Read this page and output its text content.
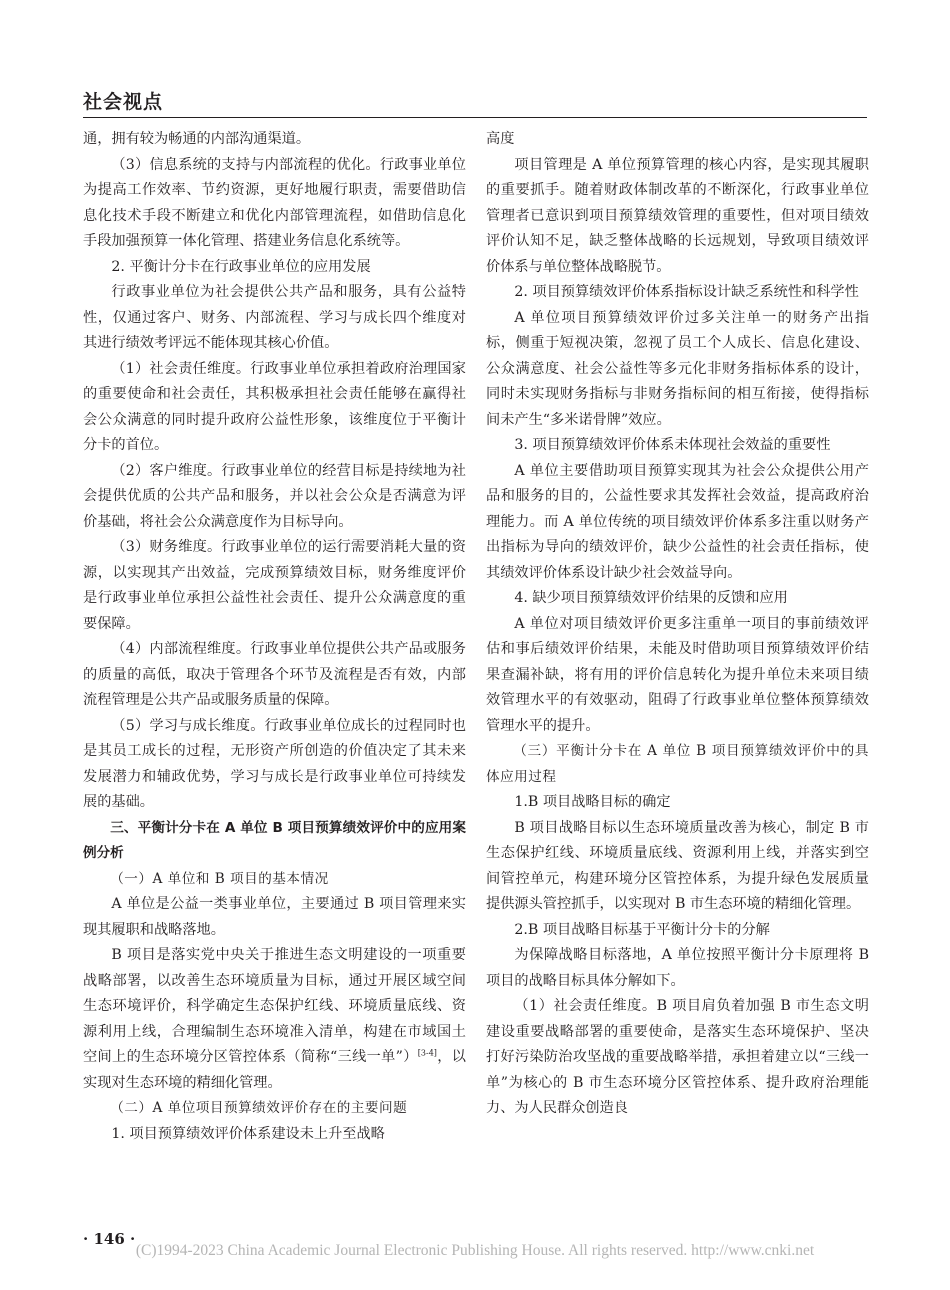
社会视点

通，拥有较为畅通的内部沟通渠道。

（3）信息系统的支持与内部流程的优化。行政事业单位为提高工作效率、节约资源，更好地履行职责，需要借助信息化技术手段不断建立和优化内部管理流程，如借助信息化手段加强预算一体化管理、搭建业务信息化系统等。

2. 平衡计分卡在行政事业单位的应用发展

行政事业单位为社会提供公共产品和服务，具有公益特性，仅通过客户、财务、内部流程、学习与成长四个维度对其进行绩效考评远不能体现其核心价值。

（1）社会责任维度。行政事业单位承担着政府治理国家的重要使命和社会责任，其积极承担社会责任能够在赢得社会公众满意的同时提升政府公益性形象，该维度位于平衡计分卡的首位。

（2）客户维度。行政事业单位的经营目标是持续地为社会提供优质的公共产品和服务，并以社会公众是否满意为评价基础，将社会公众满意度作为目标导向。

（3）财务维度。行政事业单位的运行需要消耗大量的资源，以实现其产出效益，完成预算绩效目标，财务维度评价是行政事业单位承担公益性社会责任、提升公众满意度的重要保障。

（4）内部流程维度。行政事业单位提供公共产品或服务的质量的高低，取决于管理各个环节及流程是否有效，内部流程管理是公共产品或服务质量的保障。

（5）学习与成长维度。行政事业单位成长的过程同时也是其员工成长的过程，无形资产所创造的价值决定了其未来发展潜力和辅政优势，学习与成长是行政事业单位可持续发展的基础。

三、平衡计分卡在 A 单位 B 项目预算绩效评价中的应用案例分析

（一）A 单位和 B 项目的基本情况

A 单位是公益一类事业单位，主要通过 B 项目管理来实现其履职和战略落地。

B 项目是落实党中央关于推进生态文明建设的一项重要战略部署，以改善生态环境质量为目标，通过开展区域空间生态环境评价，科学确定生态保护红线、环境质量底线、资源利用上线，合理编制生态环境准入清单，构建在市域国土空间上的生态环境分区管控体系（简称“三线一单”）[3-4]，以实现对生态环境的精细化管理。

（二）A 单位项目预算绩效评价存在的主要问题

1. 项目预算绩效评价体系建设未上升至战略

高度

项目管理是 A 单位预算管理的核心内容，是实现其履职的重要抓手。随着财政体制改革的不断深化，行政事业单位管理者已意识到项目预算绩效管理的重要性，但对项目绩效评价认知不足，缺乏整体战略的长远规划，导致项目绩效评价体系与单位整体战略脱节。

2. 项目预算绩效评价体系指标设计缺乏系统性和科学性

A 单位项目预算绩效评价过多关注单一的财务产出指标，侧重于短视决策，忽视了员工个人成长、信息化建设、公众满意度、社会公益性等多元化非财务指标体系的设计，同时未实现财务指标与非财务指标间的相互衔接，使得指标间未产生“多米诺骨牌”效应。

3. 项目预算绩效评价体系未体现社会效益的重要性

A 单位主要借助项目预算实现其为社会公众提供公用产品和服务的目的，公益性要求其发挥社会效益，提高政府治理能力。而 A 单位传统的项目绩效评价体系多注重以财务产出指标为导向的绩效评价，缺少公益性的社会责任指标，使其绩效评价体系设计缺少社会效益导向。

4. 缺少项目预算绩效评价结果的反馈和应用

A 单位对项目绩效评价更多注重单一项目的事前绩效评估和事后绩效评价结果，未能及时借助项目预算绩效评价结果查漏补缺，将有用的评价信息转化为提升单位未来项目绩效管理水平的有效驱动，阻碍了行政事业单位整体预算绩效管理水平的提升。

（三）平衡计分卡在 A 单位 B 项目预算绩效评价中的具体应用过程

1.B 项目战略目标的确定

B 项目战略目标以生态环境质量改善为核心，制定 B 市生态保护红线、环境质量底线、资源利用上线，并落实到空间管控单元，构建环境分区管控体系，为提升绿色发展质量提供源头管控抓手，以实现对 B 市生态环境的精细化管理。

2.B 项目战略目标基于平衡计分卡的分解

为保障战略目标落地，A 单位按照平衡计分卡原理将 B 项目的战略目标具体分解如下。

（1）社会责任维度。B 项目肩负着加强 B 市生态文明建设重要战略部署的重要使命，是落实生态环境保护、坚决打好污染防治攻坚战的重要战略举措，承担着建立以“三线一单”为核心的 B 市生态环境分区管控体系、提升政府治理能力、为人民群众创造良

· 146 ·
(C)1994-2023 China Academic Journal Electronic Publishing House. All rights reserved. http://www.cnki.net
